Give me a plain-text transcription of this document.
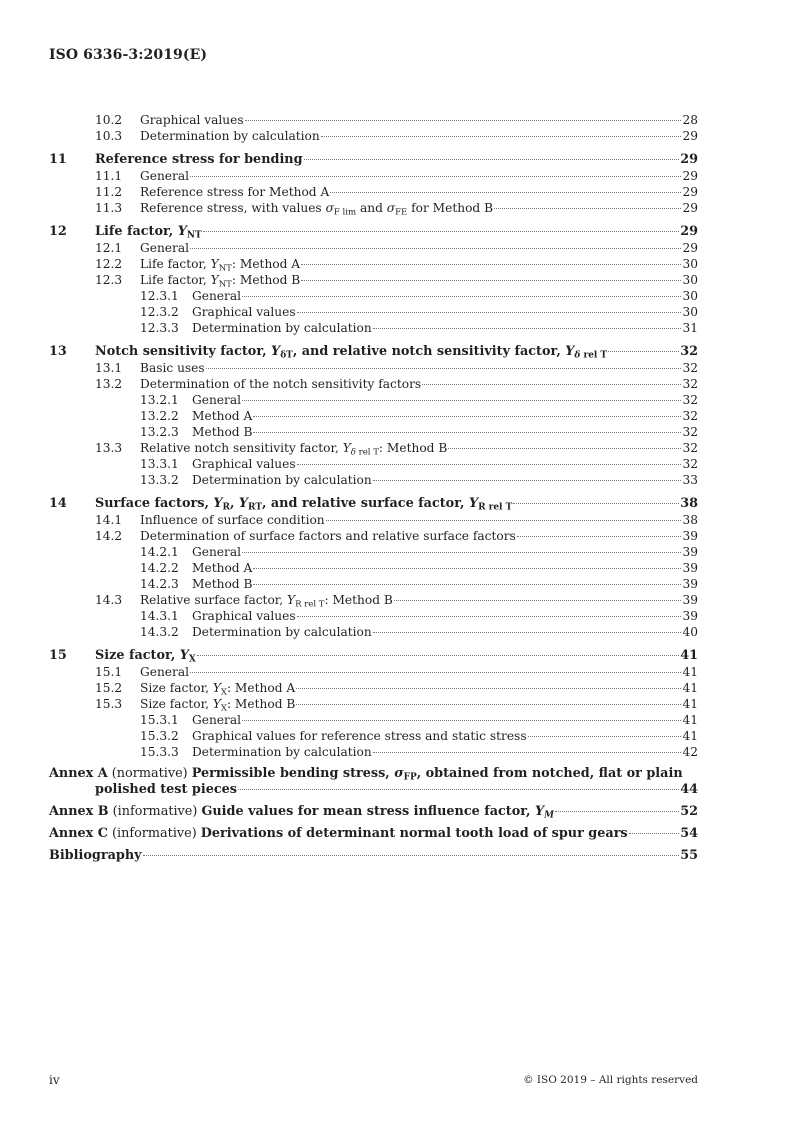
ISO 6336-3:2019(E)
10.2	Graphical values	28
10.3	Determination by calculation	29
11	Reference stress for bending	29
11.1	General	29
11.2	Reference stress for Method A	29
11.3	Reference stress, with values $\sigma_{F lim}$ and $\sigma_{FE}$ for Method B	29
12	Life factor, $Y_{NT}$	29
12.1	General	29
12.2	Life factor, $Y_{NT}$: Method A	30
12.3	Life factor, $Y_{NT}$: Method B	30
12.3.1	General	30
12.3.2	Graphical values	30
12.3.3	Determination by calculation	31
13	Notch sensitivity factor, $Y_{\delta T}$, and relative notch sensitivity factor, $Y_{\delta rel T}$	32
13.1	Basic uses	32
13.2	Determination of the notch sensitivity factors	32
13.2.1	General	32
13.2.2	Method A	32
13.2.3	Method B	32
13.3	Relative notch sensitivity factor, $Y_{\delta rel T}$: Method B	32
13.3.1	Graphical values	32
13.3.2	Determination by calculation	33
14	Surface factors, $Y_R$, $Y_{RT}$, and relative surface factor, $Y_{R rel T}$	38
14.1	Influence of surface condition	38
14.2	Determination of surface factors and relative surface factors	39
14.2.1	General	39
14.2.2	Method A	39
14.2.3	Method B	39
14.3	Relative surface factor, $Y_{R rel T}$: Method B	39
14.3.1	Graphical values	39
14.3.2	Determination by calculation	40
15	Size factor, $Y_X$	41
15.1	General	41
15.2	Size factor, $Y_X$: Method A	41
15.3	Size factor, $Y_X$: Method B	41
15.3.1	General	41
15.3.2	Graphical values for reference stress and static stress	41
15.3.3	Determination by calculation	42
Annex A (normative) Permissible bending stress, $\sigma_{FP}$, obtained from notched, flat or plain
polished test pieces	44
Annex B (informative) Guide values for mean stress influence factor, $Y_M$	52
Annex C (informative) Derivations of determinant normal tooth load of spur gears	54
Bibliography	55
iv	© ISO 2019 – All rights reserved
